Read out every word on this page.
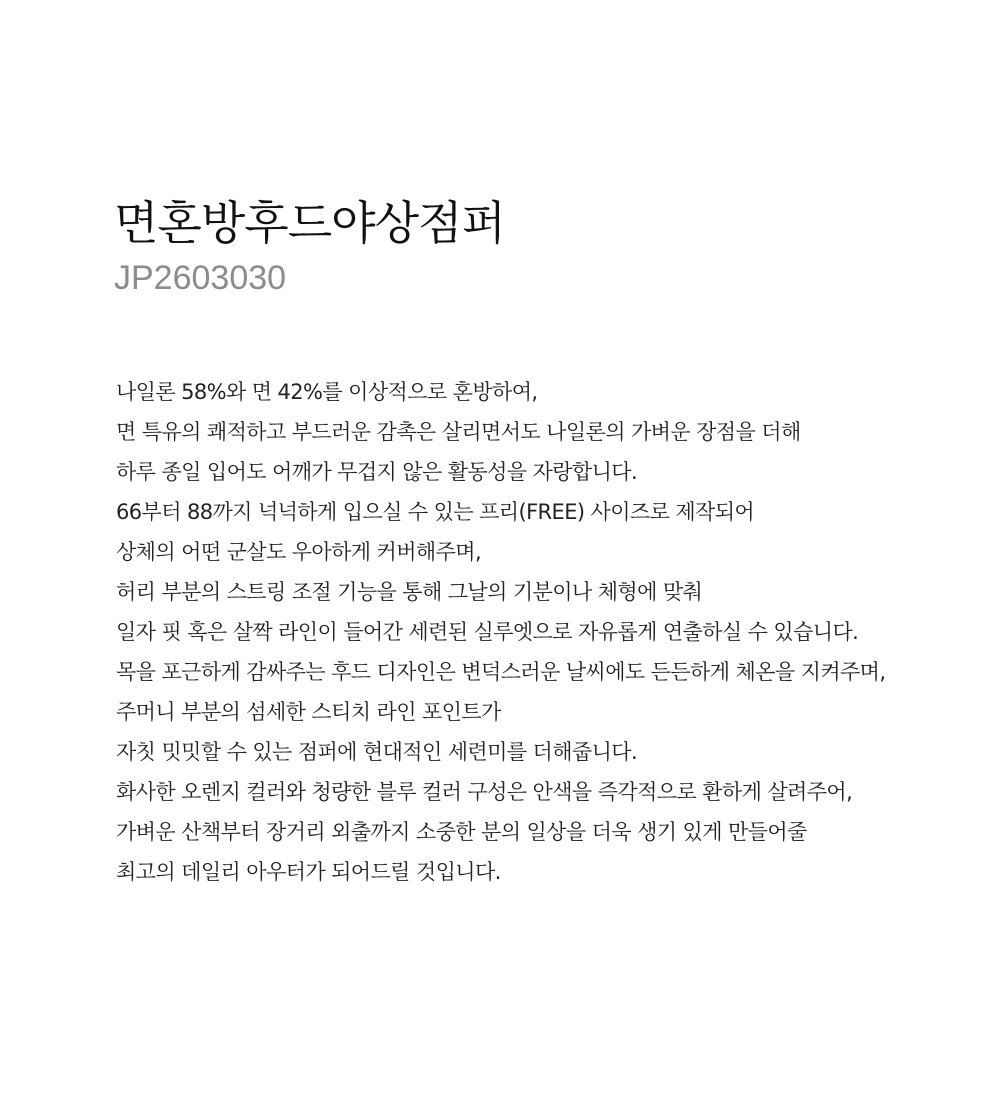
면혼방후드야상점퍼

JP2603030

나일론 58%와 면 42%를 이상적으로 혼방하여,
면 특유의 쾌적하고 부드러운 감촉은 살리면서도 나일론의 가벼운 장점을 더해
하루 종일 입어도 어깨가 무겁지 않은 활동성을 자랑합니다.
66부터 88까지 넉넉하게 입으실 수 있는 프리(FREE) 사이즈로 제작되어
상체의 어떤 군살도 우아하게 커버해주며,
허리 부분의 스트링 조절 기능을 통해 그날의 기분이나 체형에 맞춰
일자 핏 혹은 살짝 라인이 들어간 세련된 실루엣으로 자유롭게 연출하실 수 있습니다.
목을 포근하게 감싸주는 후드 디자인은 변덕스러운 날씨에도 든든하게 체온을 지켜주며,
주머니 부분의 섬세한 스티치 라인 포인트가
자칫 밋밋할 수 있는 점퍼에 현대적인 세련미를 더해줍니다.
화사한 오렌지 컬러와 청량한 블루 컬러 구성은 안색을 즉각적으로 환하게 살려주어,
가벼운 산책부터 장거리 외출까지 소중한 분의 일상을 더욱 생기 있게 만들어줄
최고의 데일리 아우터가 되어드릴 것입니다.
